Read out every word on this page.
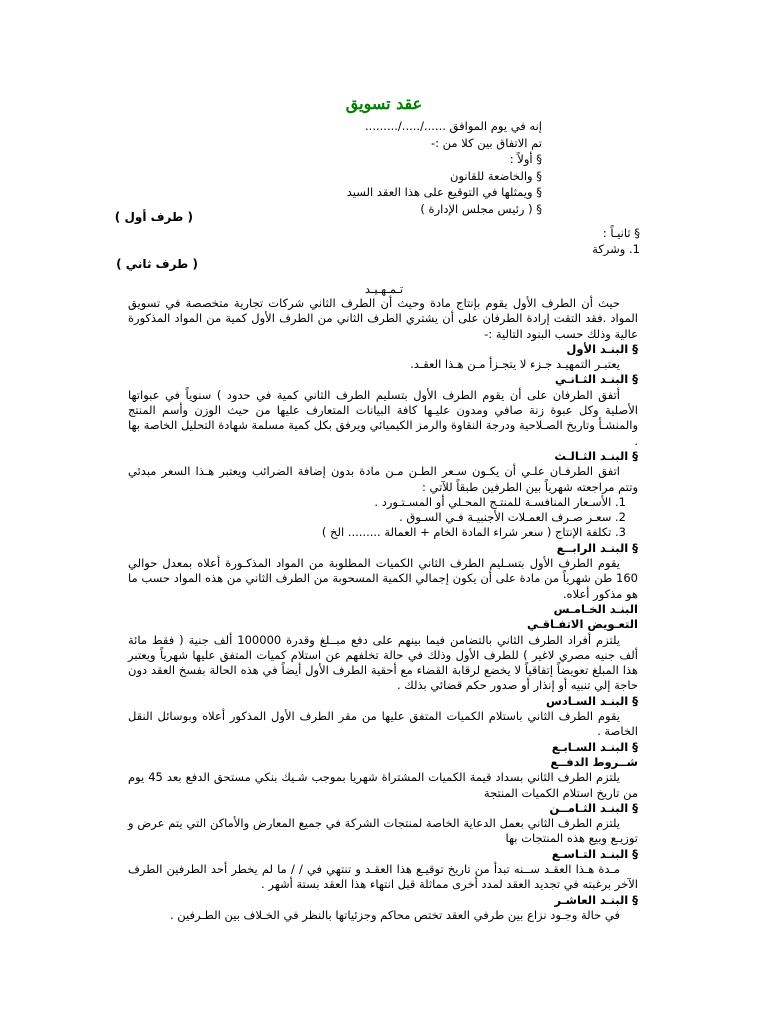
عقد تسويق
إنه في يوم الموافق ....../...../.........
تم الاتفاق بين كلا من :-
§ أولاً :
§ والخاضعة للقانون
§ ويمثلها في التوقيع على هذا العقد السيد
§ ( رئيس مجلس الإدارة )
( طرف أول )
§ ثانيـاً :
1. وشركة
( طرف ثاني )
تـمـهـيـد

حيث أن الطرف الأول يقوم بإنتاج مادة وحيث أن الطرف الثاني شركات تجارية متخصصة في تسويق المواد .فقد التقت إرادة الطرفان على أن يشتري الطرف الثاني من الطرف الأول كمية من المواد المذكورة عالية وذلك حسب البنود التالية :-

§ البنـد الأول

يعتبـر التمهيـد جـزء لا يتجـزأ مـن هـذا العقـد.

§ البنـد الثـانـي

أتفق الطرفان على أن يقوم الطرف الأول بتسليم الطرف الثاني كمية في حدود ) سنوياً في عبواتها الأصلية وكل عبوة زنة صافي ومدون عليـها كافة البيانات المتعارف عليها من حيث الوزن وأسم المنتج والمنشـأ وتاريخ الصـلاحية ودرجة النقاوة والرمز الكيميائي ويرفق بكل كمية مسلمة شهادة التحليل الخاصة بها .

§ البنـد الثـالـث

اتفق الطرفـان علـي أن يكـون سـعر الطـن مـن مادة بدون إضافة الضرائب ويعتبر هـذا السعر مبدئي وتتم مراجعته شهرياً بين الطرفين طبقاً للآتي :

1. الأسـعار المنافسـة للمنتـج المحـلي أو المسـتـورد .

2. سعـر صـرف العمـلات الأجنبيـة فـي السـوق .

3. تكلفة الإنتاج ( سعر شراء المادة الخام + العمالة ......... الخ )

§ البنـد الرابــع

يقوم الطرف الأول بتسـليم الطرف الثاني الكميات المطلوبة من المواد المذكـورة أعلاه بمعدل حوالي 160 طن شهرياً من مادة على أن يكون إجمالي الكمية المسحوبة من الطرف الثاني من هذه المواد حسب ما هو مذكور أعلاه.

البنـد الخـامـس

التعـويض الاتفـاقـي

يلتزم أفراد الطرف الثاني بالتضامن فيما بينهم على دفع مبــلغ وقدرة 100000 ألف جنية ( فقط مائة ألف جنيه مصري لاغير ) للطرف الأول وذلك في حالة تخلفهم عن استلام كميات المتفق عليها شهرياً ويعتبر هذا المبلغ تعويضاً إتفاقياً لا يخضع لرقابة القضاء مع أحقية الطرف الأول أيضاً في هذه الحالة بفسخ العقد دون حاجة إلي تنبيه أو إنذار أو صدور حكم قضائي بذلك .

§ البنـد السـادس

يقوم الطرف الثاني باستلام الكميات المتفق عليها من مقر الطرف الأول المذكور أعلاه وبوسائل النقل الخاصة .

§ البنـد السـابـع

شــروط الدفــع

يلتزم الطرف الثاني بسداد قيمة الكميات المشتراة شهريا بموجب شـيك بنكي مستحق الدفع بعد 45 يوم من تاريخ استلام الكميات المنتجة

§ البنـد الثـامــن

يلتزم الطرف الثاني بعمل الدعاية الخاصة لمنتجات الشركة في جميع المعارض والأماكن التي يتم عرض و توزيـع وبيع هذه المنتجات بها

§ البنـد التـاسـع

مـدة هـذا العقـد ســنه تبدأ من تاريخ توقيـع هذا العقـد و تنتهي في / / ما لم يخطر أحد الطرفين الطرف الآخر برغبته في تجديد العقد لمدد أخرى مماثلة قبل انتهاء هذا العقد بستة أشهر .

§ البنـد العاشـر

في حالة وجـود نزاع بين طرفي العقد تختص محاكم وجزئياتها بالنظر في الخـلاف بين الطـرفين .
